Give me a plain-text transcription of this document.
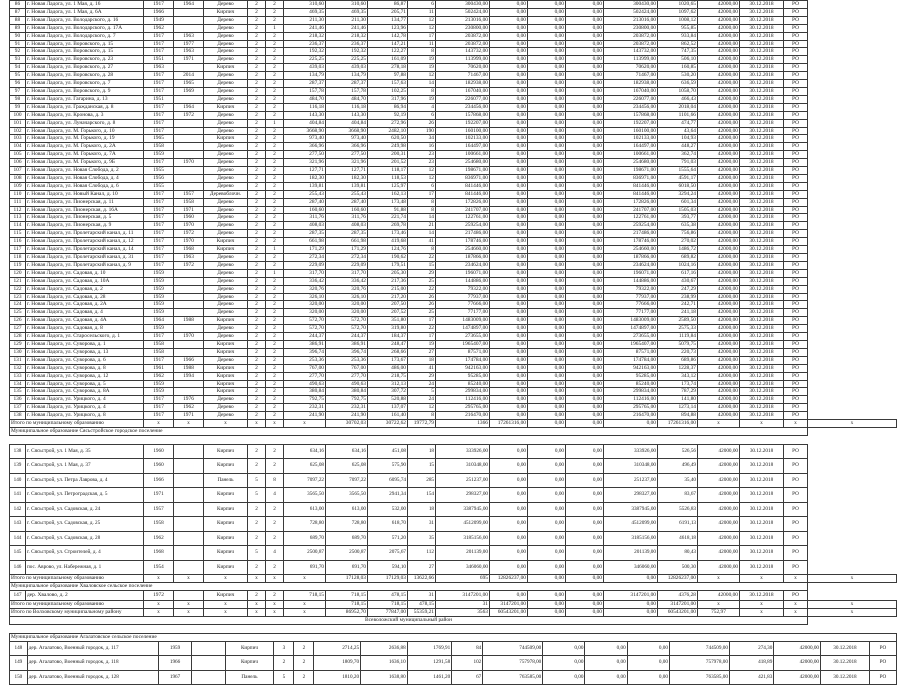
86	г. Новая Ладога, ул. 1 Мая, д. 16	1917	1964	Дерево	2	2	310,60	310,60	86,87	6	300430,00	0,00	0,00	0,00	300430,00	1020,65	42000,00	30.12.2018	РО	
87	г. Новая Ладога, ул. 1 Мая, д. 6А	1966		Кирпич	2	2	469,35	469,35	205,71	11	502424,00	0,00	0,00	0,00	502424,00	1097,62	42000,00	30.12.2018	РО	
88	г. Новая Ладога, ул. Володарского, д. 16	1949		Дерево	2	2	211,30	211,30	134,77	12	213016,00	0,00	0,00	0,00	213016,00	1008,12	42000,00	30.12.2018	РО	
89	г. Новая Ладога, ул. Володарского, д. 17А	1962		Дерево	2	1	241,46	241,46	123,96	12	230800,00	0,00	0,00	0,00	230800,00	955,85	42000,00	30.12.2018	РО	
90	г. Новая Ладога, ул. Володарского, д. 7	1917	1963	Дерево	2	2	218,32	218,32	142,78	17	203872,00	0,00	0,00	0,00	203872,00	933,84	42000,00	30.12.2018	РО	
91	г. Новая Ладога, ул. Воровского, д. 15	1917	1977	Дерево	2	2	236,37	236,37	147,21	11	203872,00	0,00	0,00	0,00	203872,00	862,52	42000,00	30.12.2018	РО	
92	г. Новая Ладога, ул. Воровского, д. 15	1917	1963	Дерево	2	2	192,32	192,32	122,27	8	143732,00	0,00	0,00	0,00	143732,00	747,35	42000,00	30.12.2018	РО	
93	г. Новая Ладога, ул. Воровского, д. 23	1951	1971	Дерево	2	2	225,25	225,25	161,09	19	113999,00	0,00	0,00	0,00	113999,00	506,10	42000,00	30.12.2018	РО	
94	г. Новая Ладога, ул. Воровского, д. 27	1963		Кирпич	2	2	439,03	439,03	278,18	19	70620,00	0,00	0,00	0,00	70620,00	160,85	42000,00	30.12.2018	РО	
95	г. Новая Ладога, ул. Воровского, д. 28	1917	2014	Дерево	2	2	134,79	134,79	97,88	12	71467,00	0,00	0,00	0,00	71467,00	530,20	42000,00	30.12.2018	РО	
96	г. Новая Ладога, ул. Воровского, д. 7	1917	1965	Дерево	2	2	287,37	287,37	157,63	14	182938,00	0,00	0,00	0,00	182938,00	636,59	42000,00	30.12.2018	РО	
97	г. Новая Ладога, ул. Воровского, д. 9	1917	1969	Дерево	2	2	157,78	157,78	102,25	8	167040,00	0,00	0,00	0,00	167040,00	1058,70	42000,00	30.12.2018	РО	
98	г. Новая Ладога, ул. Гагарина, д. 13	1951		Дерево	2	2	484,70	484,70	317,96	19	226077,00	0,00	0,00	0,00	226077,00	466,43	42000,00	30.12.2018	РО	
99	г. Новая Ладога, ул. Гражданская, д. 8	1917	1964	Кирпич	2	2	116,18	116,18	86,94	4	234456,00	0,00	0,00	0,00	234456,00	2018,04	42000,00	30.12.2018	РО	
100	г. Новая Ладога, ул. Кронова, д. 3	1917	1972	Дерево	2	2	143,30	143,30	92,19	6	157868,00	0,00	0,00	0,00	157868,00	1101,66	42000,00	30.12.2018	РО	
101	г. Новая Ладога, ул. Луначарского, д. 8	1917		Дерево	2	1	404,84	404,84	272,96	26	192207,00	0,00	0,00	0,00	192207,00	474,77	42000,00	30.12.2018	РО	
102	г. Новая Ладога, ул. М. Горького, д. 10	1917		Дерево	2	2	3668,90	3668,90	2482,10	190	160100,00	0,00	0,00	0,00	160100,00	43,64	42000,00	30.12.2018	РО	
103	г. Новая Ладога, ул. М. Горького, д. 19	1965		Кирпич	2	2	973,40	973,40	620,50	34	102133,00	0,00	0,00	0,00	102133,00	104,93	42000,00	30.12.2018	РО	
104	г. Новая Ладога, ул. М. Горького, д. 2А	1958		Дерево	2	2	366,96	366,96	249,98	16	164497,00	0,00	0,00	0,00	164497,00	448,27	42000,00	30.12.2018	РО	
105	г. Новая Ладога, ул. М. Горького, д. 7А	1959		Дерево	2	2	277,50	277,50	200,31	23	100661,00	0,00	0,00	0,00	100661,00	362,74	42000,00	30.12.2018	РО	
106	г. Новая Ладога, ул. М. Горького, д. 9Б	1917	1970	Дерево	2	2	321,96	321,96	201,52	23	254680,00	0,00	0,00	0,00	254680,00	791,03	42000,00	30.12.2018	РО	
107	г. Новая Ладога, ул. Новая Слобода, д. 2	1955		Дерево	2	2	127,71	127,71	118,17	12	198671,00	0,00	0,00	0,00	198671,00	1555,64	42000,00	30.12.2018	РО	
108	г. Новая Ладога, ул. Новая Слобода, д. 4	1956		Дерево	2	2	182,30	182,30	118,53	12	836971,00	0,00	0,00	0,00	836971,00	4591,17	42000,00	30.12.2018	РО	
109	г. Новая Ладога, ул. Новая Слобода, д. 6	1955		Дерево	2	2	139,81	139,81	125,97	6	841446,00	0,00	0,00	0,00	841446,00	6018,50	42000,00	30.12.2018	РО	
110	г. Новая Ладога, ул. Новый Канал, д. 10	1917	1957	Деревоблочн.	2	2	255,43	255,43	162,13	17	841446,00	0,00	0,00	0,00	841446,00	3294,24	42000,00	30.12.2018	РО	
111	г. Новая Ладога, ул. Пионерская, д. 11	1917	1958	Дерево	2	2	287,40	287,40	173,48	8	172826,00	0,00	0,00	0,00	172826,00	601,34	42000,00	30.12.2018	РО	
112	г. Новая Ладога, ул. Пионерская, д. 16А	1917	1971	Дерево	2	2	160,60	160,60	91,88	8	241707,00	0,00	0,00	0,00	241707,00	1505,03	42000,00	30.12.2018	РО	
113	г. Новая Ладога, ул. Пионерская, д. 5	1917	1960	Дерево	2	2	311,76	311,76	221,74	14	122761,00	0,00	0,00	0,00	122761,00	393,77	42000,00	30.12.2018	РО	
114	г. Новая Ладога, ул. Пионерская, д. 9	1917	1970	Дерево	2	2	408,03	408,03	269,78	21	259254,00	0,00	0,00	0,00	259254,00	635,38	42000,00	30.12.2018	РО	
115	г. Новая Ладога, ул. Пролетарский канал, д. 11	1917	1972	Дерево	2	2	287,35	287,35	173,46	14	217486,00	0,00	0,00	0,00	217486,00	756,86	42000,00	30.12.2018	РО	
116	г. Новая Ладога, ул. Пролетарский канал, д. 12	1917	1970	Кирпич	2	2	661,98	661,98	419,68	41	178746,00	0,00	0,00	0,00	178746,00	270,02	42000,00	30.12.2018	РО	
117	г. Новая Ладога, ул. Пролетарский канал, д. 14	1917	1968	Кирпич	2	1	171,29	171,29	124,76	8	254660,00	0,00	0,00	0,00	254660,00	1486,72	42000,00	30.12.2018	РО	
118	г. Новая Ладога, ул. Пролетарский канал, д. 31	1917	1963	Дерево	2	2	272,34	272,34	190,62	22	187866,00	0,00	0,00	0,00	187866,00	689,82	42000,00	30.12.2018	РО	
119	г. Новая Ладога, ул. Пролетарский канал, д. 9	1917	1972	Дерево	2	2	229,09	229,09	179,51	15	234624,00	0,00	0,00	0,00	234624,00	1024,16	42000,00	30.12.2018	РО	
120	г. Новая Ладога, ул. Садовая, д. 10	1959		Дерево	2	1	317,70	317,70	205,30	29	196071,00	0,00	0,00	0,00	196071,00	617,16	42000,00	30.12.2018	РО	
121	г. Новая Ладога, ул. Садовая, д. 10А	1959		Дерево	2	2	336,42	336,42	217,36	25	144886,00	0,00	0,00	0,00	144886,00	430,67	42000,00	30.12.2018	РО	
122	г. Новая Ладога, ул. Садовая, д. 2	1959		Дерево	2	2	320,76	320,76	215,00	22	79322,00	0,00	0,00	0,00	79322,00	247,29	42000,00	30.12.2018	РО	
123	г. Новая Ладога, ул. Садовая, д. 28	1959		Дерево	2	2	326,10	326,10	217,20	26	77937,00	0,00	0,00	0,00	77937,00	238,99	42000,00	30.12.2018	РО	
124	г. Новая Ладога, ул. Садовая, д. 2А	1959		Дерево	2	2	320,00	320,00	207,50	26	77666,00	0,00	0,00	0,00	77666,00	242,71	42000,00	30.12.2018	РО	
125	г. Новая Ладога, ул. Садовая, д. 4	1959		Дерево	2	2	320,00	320,00	207,52	25	77177,00	0,00	0,00	0,00	77177,00	241,18	42000,00	30.12.2018	РО	
126	г. Новая Ладога, ул. Садовая, д. 4А	1964	1988	Кирпич	2	2	572,70	572,70	351,80	17	1483009,00	0,00	0,00	0,00	1483009,00	2589,50	42000,00	30.12.2018	РО	
127	г. Новая Ладога, ул. Садовая, д. 8	1959		Дерево	2	2	572,70	572,70	319,80	22	1474897,00	0,00	0,00	0,00	1474897,00	2575,33	42000,00	30.12.2018	РО	
128	г. Новая Ладога, ул. Старосельского, д. 1	1917	1970	Дерево	2	2	244,37	244,37	184,37	17	273655,00	0,00	0,00	0,00	273655,00	1119,84	42000,00	30.12.2018	РО	
129	г. Новая Ладога, ул. Суворова, д. 1	1958		Кирпич	2	2	386,91	386,91	248,47	19	1965407,00	0,00	0,00	0,00	1965407,00	5079,75	42000,00	30.12.2018	РО	
130	г. Новая Ладога, ул. Суворова, д. 13	1958		Кирпич	2	2	396,74	396,74	268,66	27	87571,00	0,00	0,00	0,00	87571,00	220,73	42000,00	30.12.2018	РО	
131	г. Новая Ладога, ул. Суворова, д. 6	1917	1966	Дерево	2	2	253,36	253,36	173,67	18	174784,00	0,00	0,00	0,00	174784,00	689,86	42000,00	30.12.2018	РО	
132	г. Новая Ладога, ул. Суворова, д. 8	1961	1988	Кирпич	2	2	767,00	767,00	486,00	41	942163,00	0,00	0,00	0,00	942163,00	1228,37	42000,00	30.12.2018	РО	
133	г. Новая Ладога, ул. Суворова, д. 12	1962	1994	Кирпич	2	2	277,70	277,70	218,75	29	95285,00	0,00	0,00	0,00	95285,00	343,12	42000,00	30.12.2018	РО	
134	г. Новая Ладога, ул. Суворова, д. 5	1959		Кирпич	2	2	490,63	490,63	312,13	24	85240,00	0,00	0,00	0,00	85240,00	173,74	42000,00	30.12.2018	РО	
135	г. Новая Ладога, ул. Суворова, д. 8А	1959		Кирпич	2	2	380,84	380,84	307,72	5	299834,00	0,00	0,00	0,00	299834,00	787,29	42000,00	30.12.2018	РО	
136	г. Новая Ладога, ул. Урицкого, д. 4	1917	1976	Дерево	2	2	792,75	792,75	520,88	24	112416,00	0,00	0,00	0,00	112416,00	141,80	42000,00	30.12.2018	РО	
137	г. Новая Ладога, ул. Урицкого, д. 4	1917	1962	Дерево	2	2	232,31	232,31	137,07	12	295765,00	0,00	0,00	0,00	295765,00	1273,14	42000,00	30.12.2018	РО	
138	г. Новая Ладога, ул. Урицкого, д. 8	1917	1971	Дерево	2	2	241,90	241,90	161,40	8	216470,00	0,00	0,00	0,00	216470,00	894,88	42000,00	30.12.2018	РО	
Итого по муниципальному образованию		x	x	x	x	x	x	30702,03	30722,62	19772,79	1366	17261316,00	0,00	0,00	0,00	17261316,00	x	x	x	x
Муниципальное образование Сясьстройское городское поселение																				
138	г. Сясьстрой, ул. 1 Мая, д. 35	1960		Кирпич	2	2	634,16	634,16	451,08	18	333926,00	0,00	0,00	0,00	333926,00	526,56	42000,00	30.12.2018	РО	
139	г. Сясьстрой, ул. 1 Мая, д. 37	1960		Кирпич	2	2	625,08	625,08	575,90	15	310348,00	0,00	0,00	0,00	310348,00	496,49	42000,00	30.12.2018	РО	
140	г. Сясьстрой, ул. Петра Лаврова, д. 4	1966		Панель	5	8	7097,22	7097,22	6095,74	285	251237,00	0,00	0,00	0,00	251237,00	35,40	42000,00	30.12.2018	РО	
141	г. Сясьстрой, ул. Петроградская, д. 5	1971		Кирпич	5	4	3565,50	3565,50	2941,34	154	298327,00	0,00	0,00	0,00	298327,00	83,67	42000,00	30.12.2018	РО	
142	г. Сясьстрой, ул. Садовская, д. 24	1957		Кирпич	2	2	613,00	613,00	532,00	18	3387945,00	0,00	0,00	0,00	3387945,00	5526,83	42000,00	30.12.2018	РО	
143	г. Сясьстрой, ул. Садовская, д. 25	1958		Кирпич	2	2	728,80	728,80	618,70	31	4512099,00	0,00	0,00	0,00	4512099,00	6191,13	42000,00	30.12.2018	РО	
144	г. Сясьстрой, ул. Садовская, д. 28	1962		Кирпич	2	2	689,70	689,70	571,20	35	3185156,00	0,00	0,00	0,00	3185156,00	4618,18	42000,00	30.12.2018	РО	
145	г. Сясьстрой, ул. Строителей, д. 4	1968		Кирпич	5	4	2500,87	2500,87	2075,67	112	201139,00	0,00	0,00	0,00	201139,00	80,43	42000,00	30.12.2018	РО	
146	пос. Аврово, ул. Набережная, д. 1	1954		Кирпич	2	2	691,70	691,70	594,10	27	346060,00	0,00	0,00	0,00	346060,00	500,30	42000,00	30.12.2018	РО	
Итого по муниципальному образованию		x	x	x	x	x	x	17128,03	17129,03	13622,66	695	12826237,00	0,00	0,00	0,00	12826237,00	x	x	x	x
Муниципальное образование Хваловское сельское поселение																				
147	дер. Хвалово, д. 2	1972		Кирпич	2	2	718,15	718,15	478,15	31	3147201,00	0,00	0,00	0,00	3147201,00	4376,28	42000,00	30.12.2018	РО	
Итого по муниципальному образованию		x	x	x	x	x	x	718,15	718,15	478,15	31	3147201,00	0,00	0,00	0,00	3147201,00	x	x	x	x
Итого по Волховскому муниципальному району		x	x	x	x	x	x	86952,70	77847,00	55359,21	3563	60543201,00	0,00	0,00	0,00	60543201,00	752,97	x	x	x
Всеволожский муниципальный район																				
Муниципальное образование Агалатовское сельское поселение																			
148	дер. Агалатово, Военный городок, д. 117	1959		Кирпич	3	2	2714,25	2636,88	1769,91	84	744509,00	0,00	0,00	0,00	744509,00	274,30	42000,00	30.12.2018	РО
149	дер. Агалатово, Военный городок, д. 118	1966		Кирпич	2	2	1809,70	1636,10	1291,58	102	757978,00	0,00	0,00	0,00	757978,00	418,89	42000,00	30.12.2018	РО
150	дер. Агалатово, Военный городок, д. 128	1967		Панель	5	2	1810,20	1638,80	1461,20	67	763585,00	0,00	0,00	0,00	763585,00	421,83	42000,00	30.12.2018	РО
